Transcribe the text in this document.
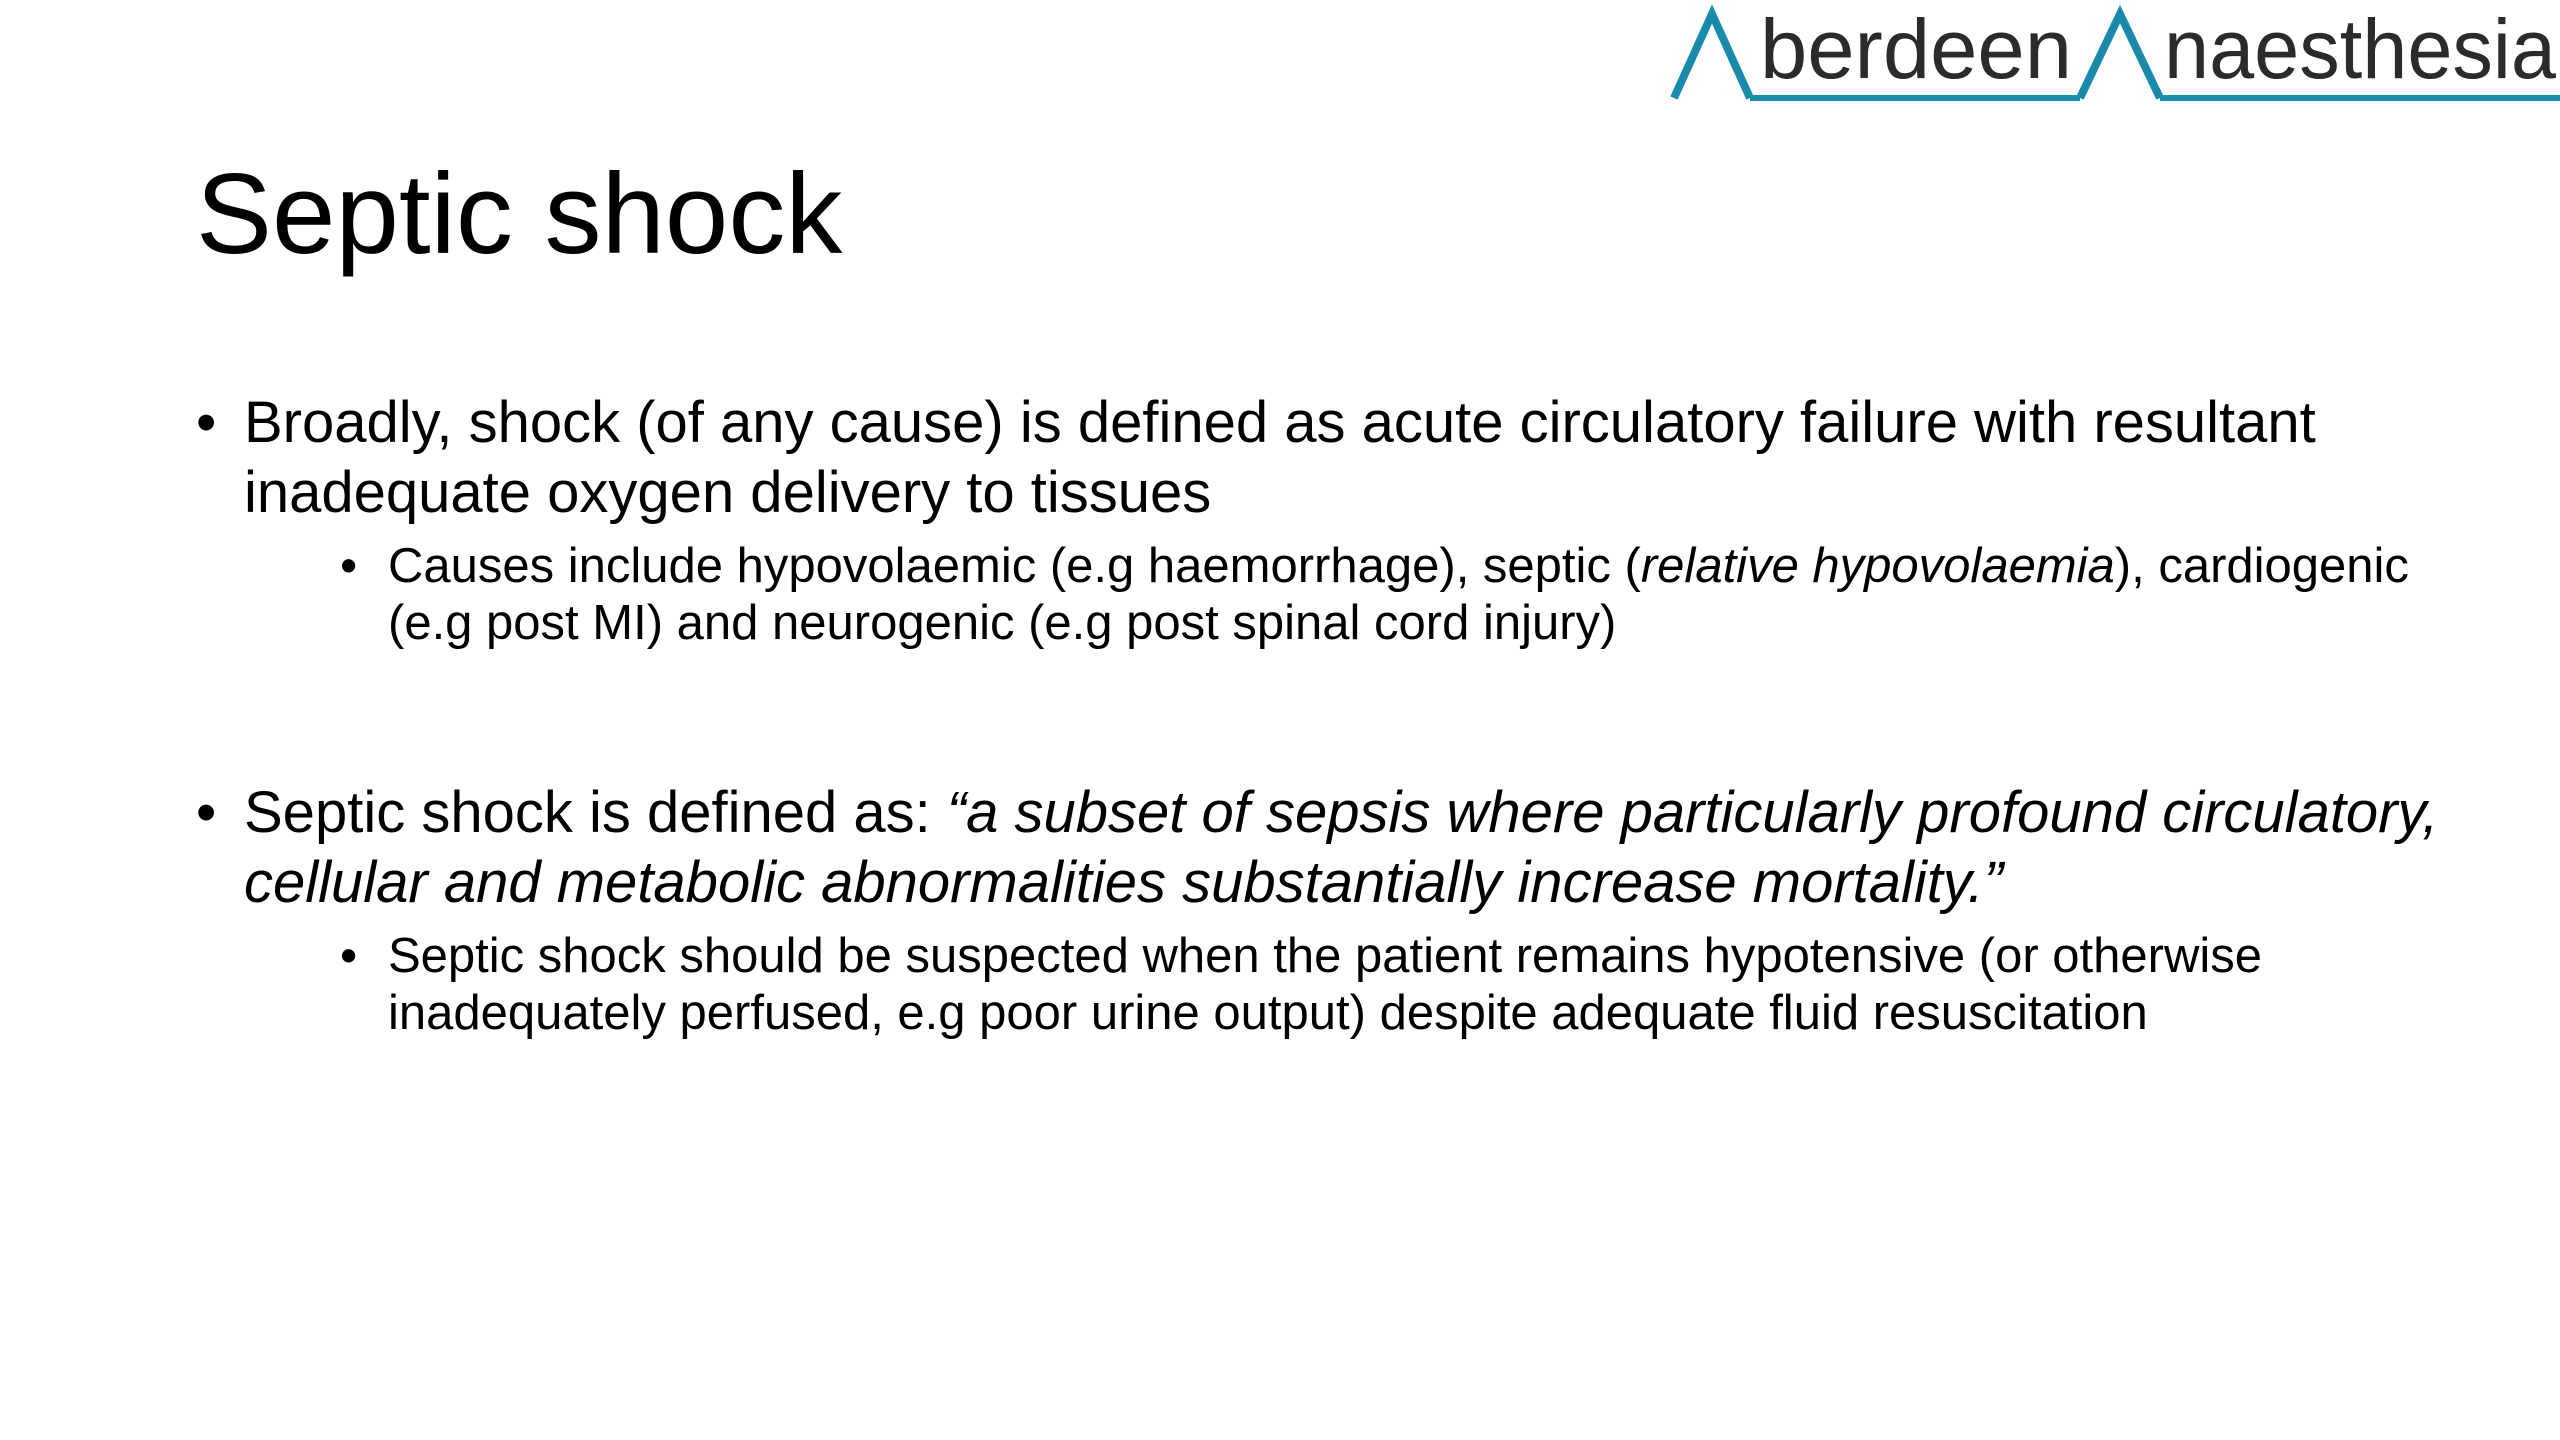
berdeen naesthesia
Septic shock
• Broadly, shock (of any cause) is defined as acute circulatory failure with resultant inadequate oxygen delivery to tissues
• Causes include hypovolaemic (e.g haemorrhage), septic (relative hypovolaemia), cardiogenic (e.g post MI) and neurogenic (e.g post spinal cord injury)
• Septic shock is defined as: “a subset of sepsis where particularly profound circulatory, cellular and metabolic abnormalities substantially increase mortality.”
• Septic shock should be suspected when the patient remains hypotensive (or otherwise inadequately perfused, e.g poor urine output) despite adequate fluid resuscitation
